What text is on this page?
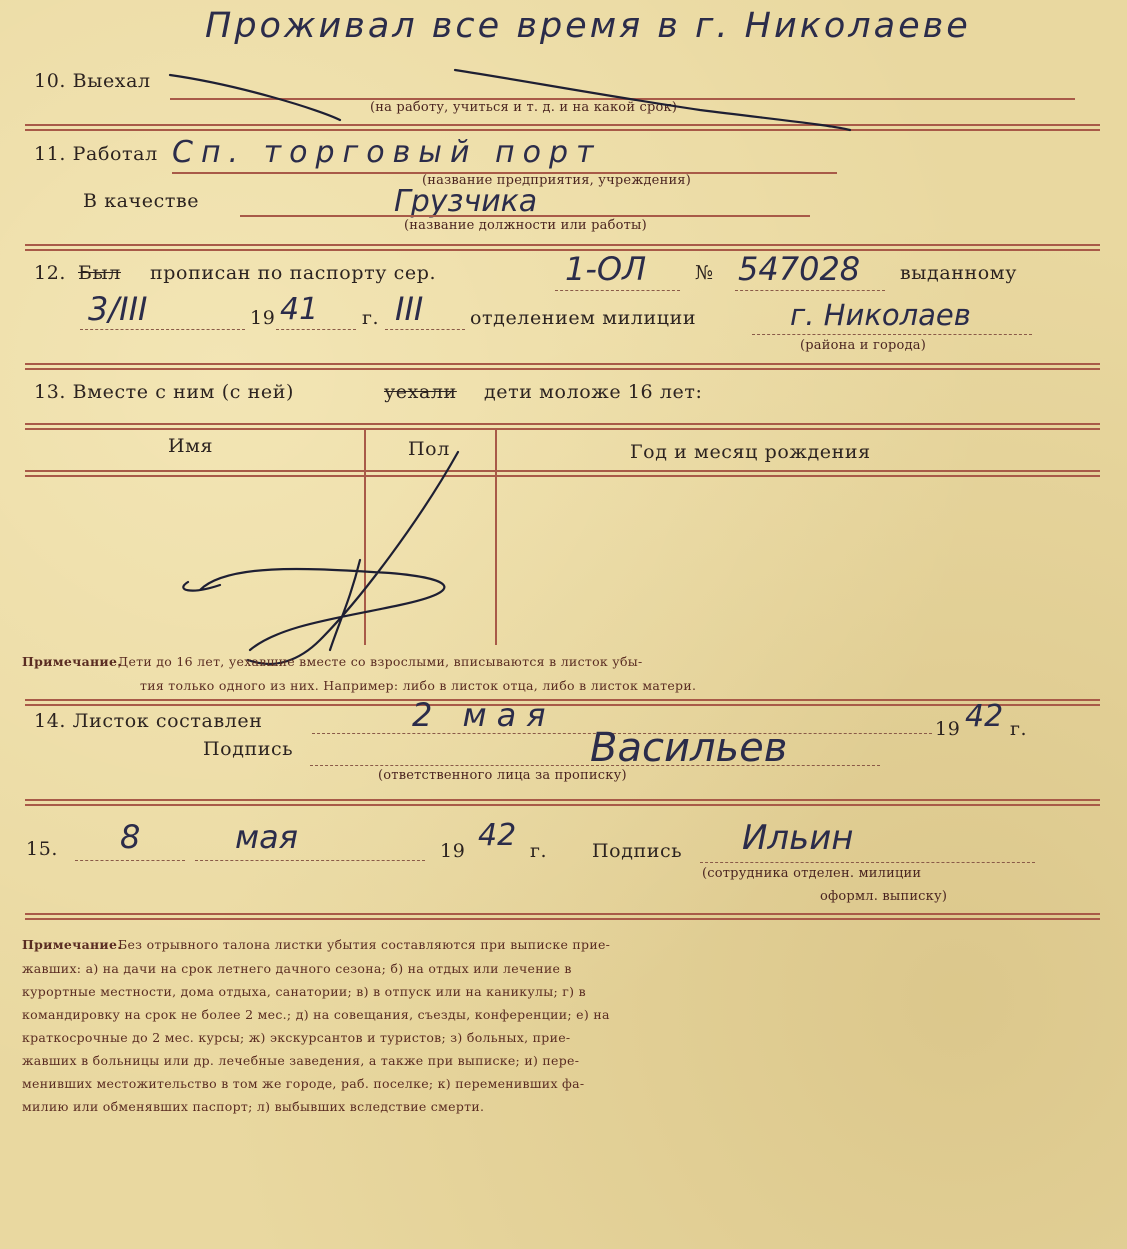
Проживал все время в г. Николаеве
10. Выехал
(на работу, учиться и т. д. и на какой срок)
11. Работал Сп. торговый порт
(название предприятия, учреждения)
В качестве	Грузчика
(название должности или работы)
12. Был прописан по паспорту сер.	1-ОЛ	№ 547028 выданному
3/III	19 41 г. III отделением милиции	г. Николаев
(района и города)
13. Вместе с ним (с ней)	уехали дети моложе 16 лет:
Имя	Пол	Год и месяц рождения
Примечание.
Дети до 16 лет, уехавшие вместе со взрослыми, вписываются в листок убы-
тия только одного из них. Например: либо в листок отца, либо в листок матери.
14. Листок составлен	2 мая	19 42 г.
Подпись	Васильев
(ответственного лица за прописку)
15. 8	мая	19 42 г. Подпись Ильин
(сотрудника отделен. милиции
оформл. выписку)
Примечание.
Без отрывного талона листки убытия составляются при выписке прие-
жавших: а) на дачи на срок летнего дачного сезона; б) на отдых или лечение в
курортные местности, дома отдыха, санатории; в) в отпуск или на каникулы; г) в
командировку на срок не более 2 мес.; д) на совещания, съезды, конференции; е) на
краткосрочные до 2 мес. курсы; ж) экскурсантов и туристов; з) больных, прие-
жавших в больницы или др. лечебные заведения, а также при выписке; и) пере-
менивших местожительство в том же городе, раб. поселке; к) переменивших фа-
милию или обменявших паспорт; л) выбывших вследствие смерти.
